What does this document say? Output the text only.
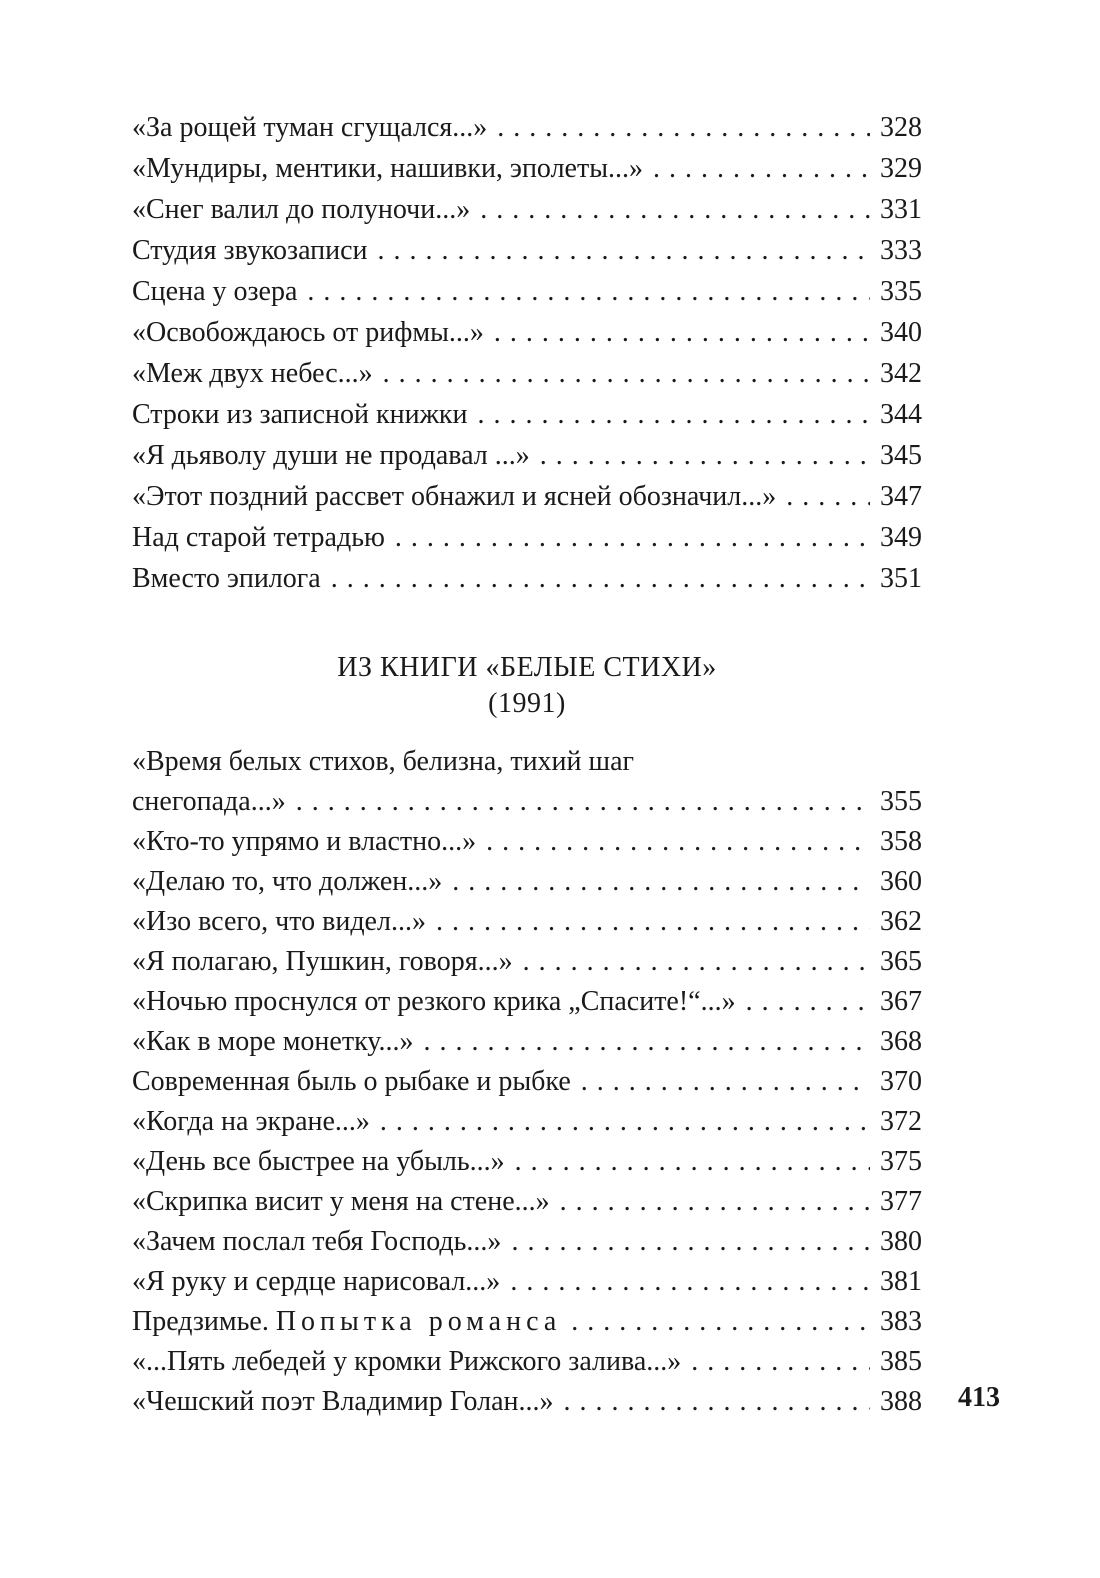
«За рощей туман сгущался...» . . .	328
«Мундиры, ментики, нашивки, эполеты...» . . .	329
«Снег валил до полуночи...» . . .	331
Студия звукозаписи . . .	333
Сцена у озера . . .	335
«Освобождаюсь от рифмы...» . . .	340
«Меж двух небес...» . . .	342
Строки из записной книжки . . .	344
«Я дьяволу души не продавал ...» . . .	345
«Этот поздний рассвет обнажил и ясней обозначил...» . . .	347
Над старой тетрадью . . .	349
Вместо эпилога . . .	351
ИЗ КНИГИ «БЕЛЫЕ СТИХИ»
(1991)
«Время белых стихов, белизна, тихий шаг
снегопада...» . . .	355
«Кто-то упрямо и властно...» . . .	358
«Делаю то, что должен...» . . .	360
«Изо всего, что видел...» . . .	362
«Я полагаю, Пушкин, говоря...» . . .	365
«Ночью проснулся от резкого крика „Спасите!“...» . . .	367
«Как в море монетку...» . . .	368
Современная быль о рыбаке и рыбке . . .	370
«Когда на экране...» . . .	372
«День все быстрее на убыль...» . . .	375
«Скрипка висит у меня на стене...» . . .	377
«Зачем послал тебя Господь...» . . .	380
«Я руку и сердце нарисовал...» . . .	381
Предзимье. Попытка романса . . .	383
«...Пять лебедей у кромки Рижского залива...» . . .	385
«Чешский поэт Владимир Голан...» . . .	388 413
